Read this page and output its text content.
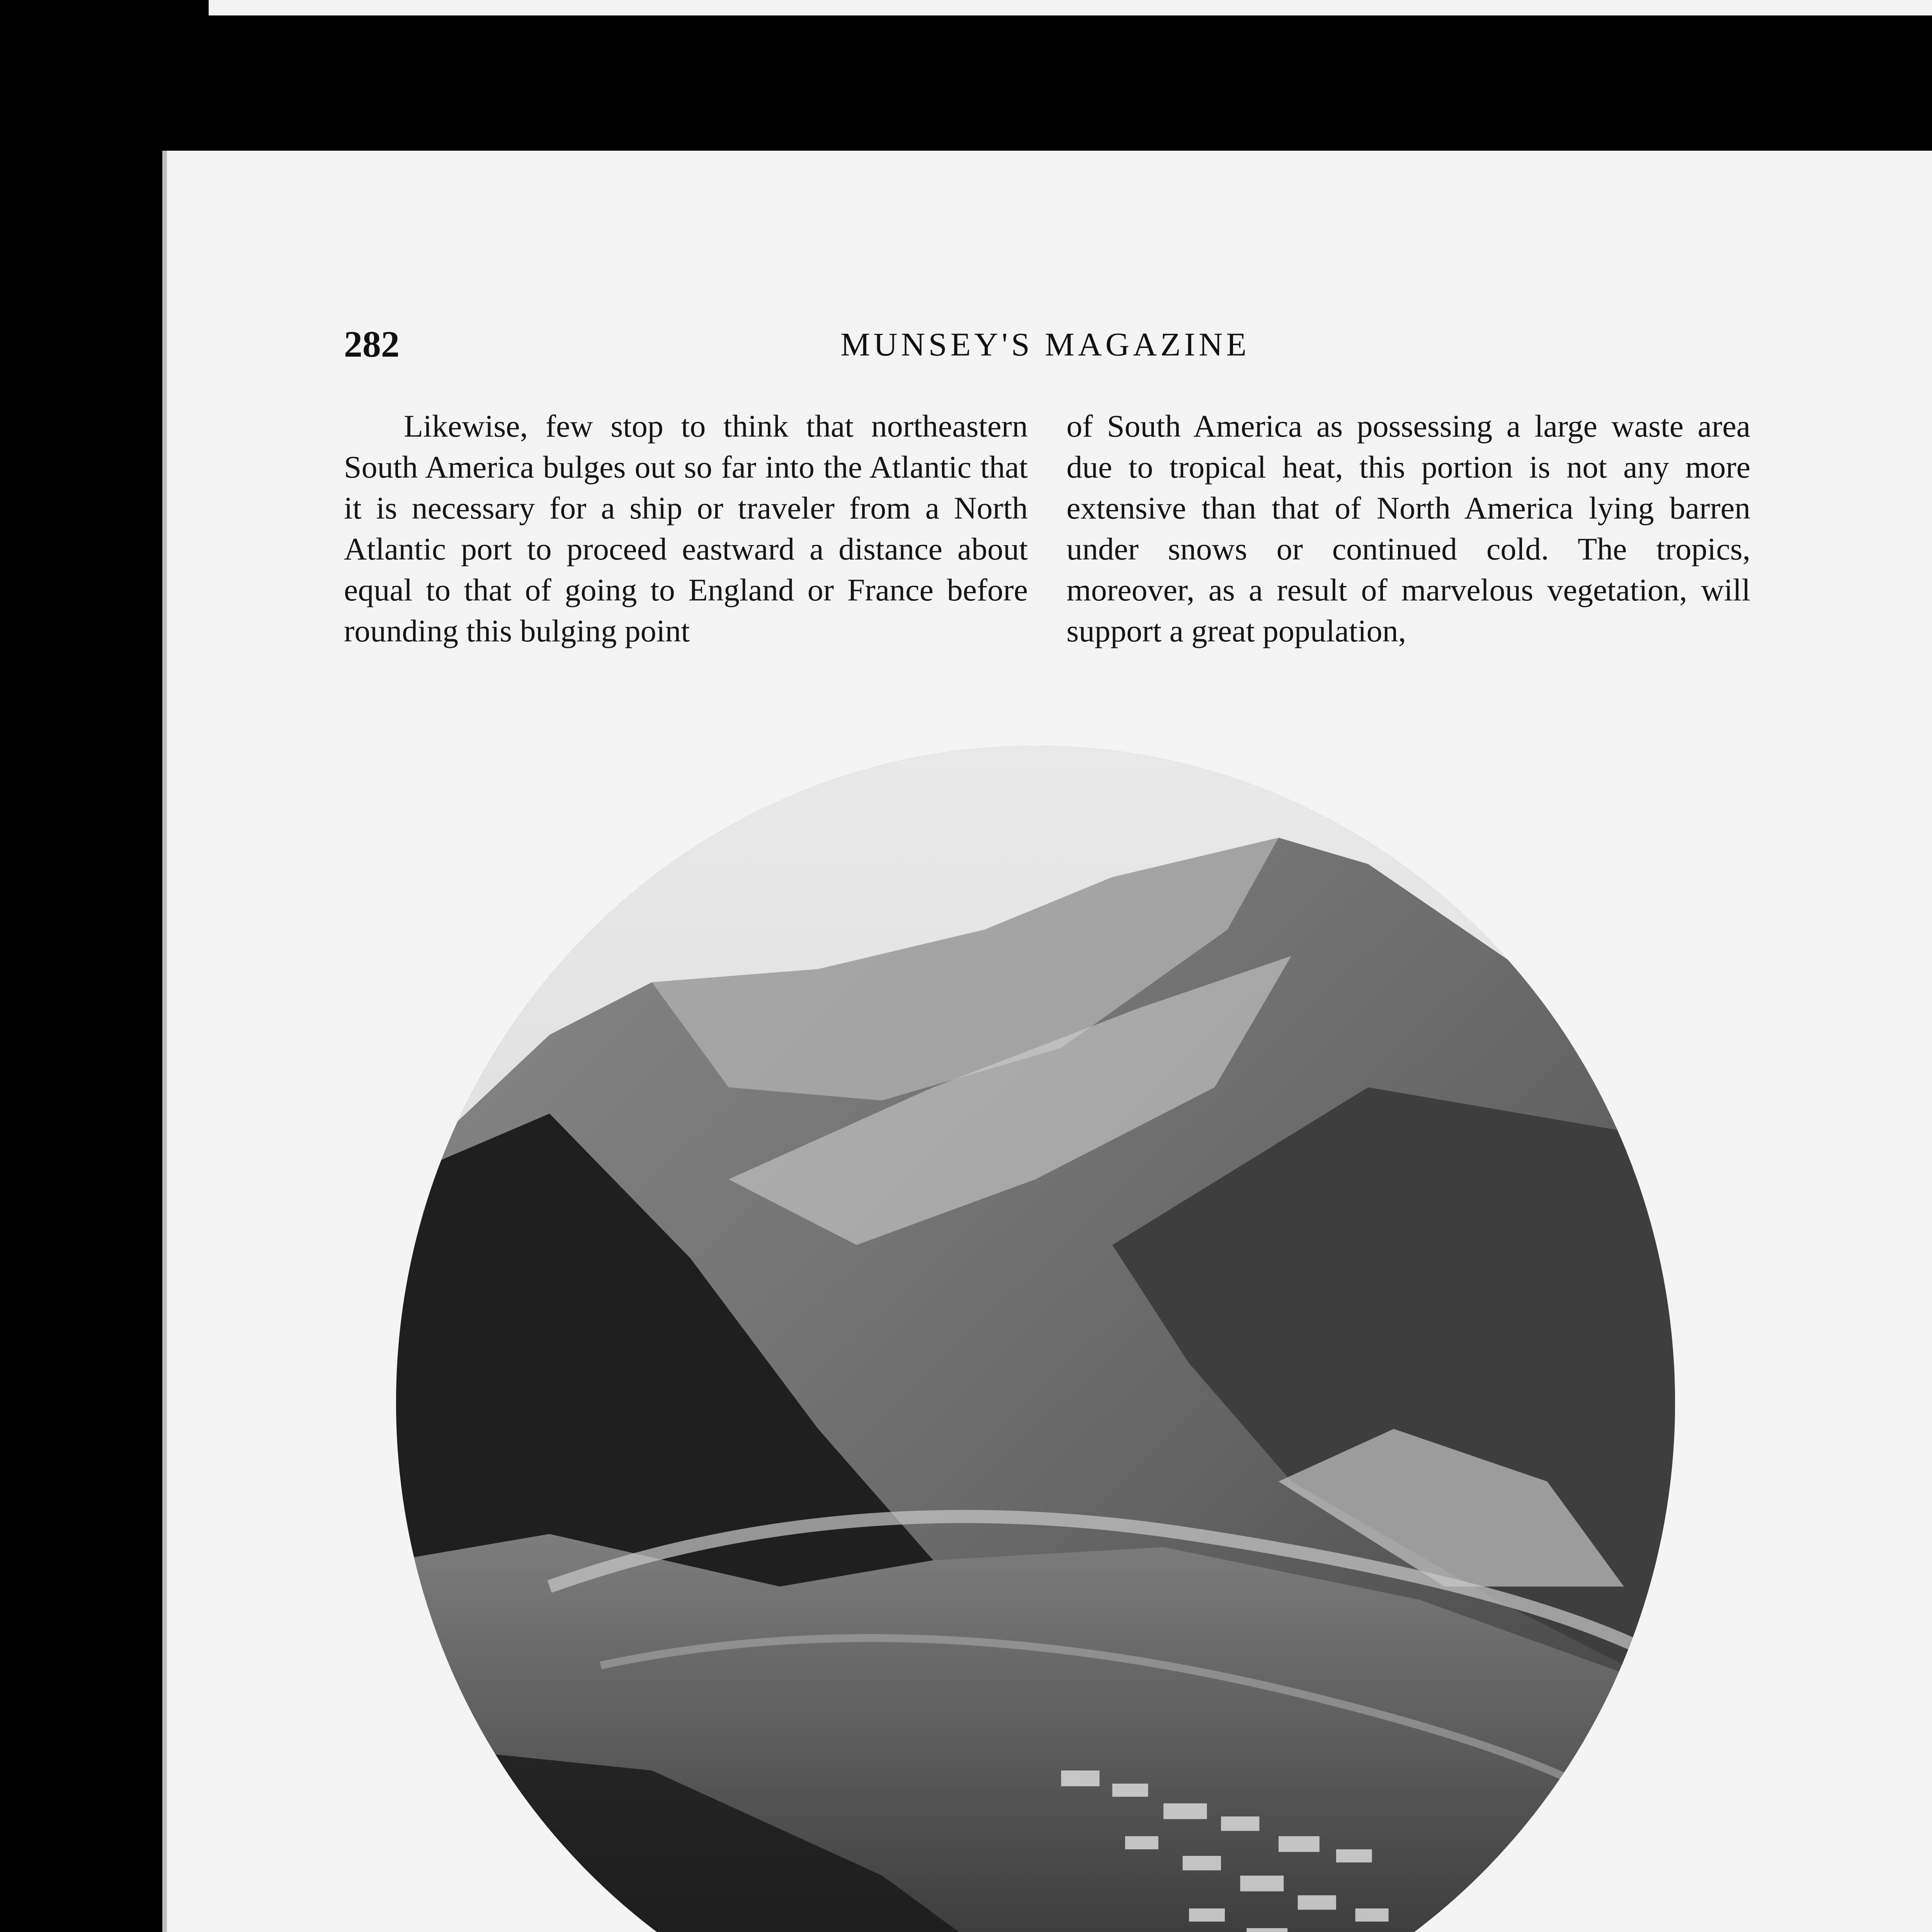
282	MUNSEY'S MAGAZINE

Likewise, few stop to think that northeastern South America bulges out so far into the Atlantic that it is necessary for a ship or traveler from a North Atlantic port to proceed eastward a distance about equal to that of going to England or France before rounding this bulging point

of South America as possessing a large waste area due to tropical heat, this portion is not any more extensive than that of North America lying barren under snows or continued cold. The tropics, moreover, as a result of marvelous vegetation, will support a great population,
